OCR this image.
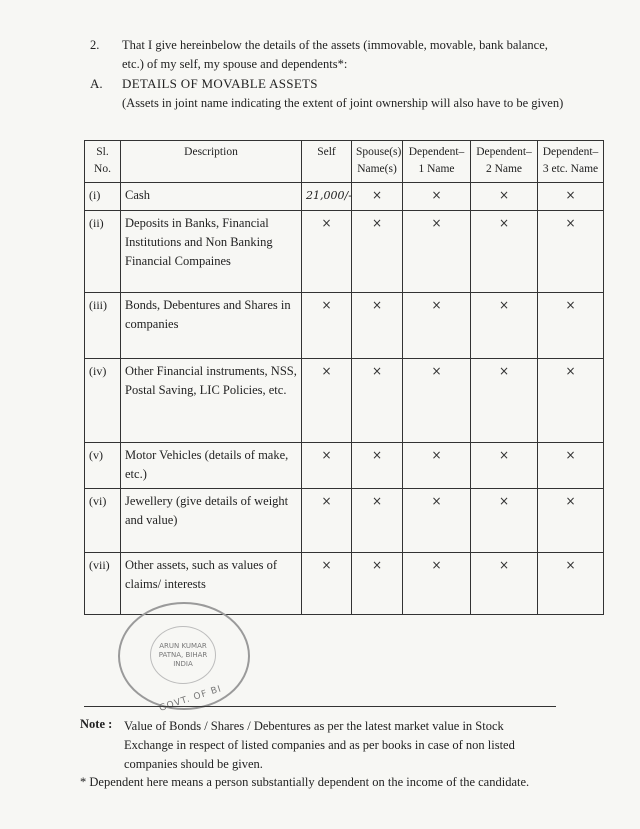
2. That I give hereinbelow the details of the assets (immovable, movable, bank balance, etc.) of my self, my spouse and dependents*:
A. DETAILS OF MOVABLE ASSETS
(Assets in joint name indicating the extent of joint ownership will also have to be given)
Sl. No.	Description	Self	Spouse(s) Name(s)	Dependent–1 Name	Dependent–2 Name	Dependent–3 etc. Name
(i)	Cash	21,000/-	×	×	×	×
(ii)	Deposits in Banks, Financial Institutions and Non Banking Financial Compaines	×	×	×	×	×
(iii)	Bonds, Debentures and Shares in companies	×	×	×	×	×
(iv)	Other Financial instruments, NSS, Postal Saving, LIC Policies, etc.	×	×	×	×	×
(v)	Motor Vehicles (details of make, etc.)	×	×	×	×	×
(vi)	Jewellery (give details of weight and value)	×	×	×	×	×
(vii)	Other assets, such as values of claims/ interests	×	×	×	×	×
ARUN KUMAR
PATNA, BIHAR
INDIA
GOVT. OF BI
Note : Value of Bonds / Shares / Debentures as per the latest market value in Stock Exchange in respect of listed companies and as per books in case of non listed companies should be given.
* Dependent here means a person substantially dependent on the income of the candidate.
